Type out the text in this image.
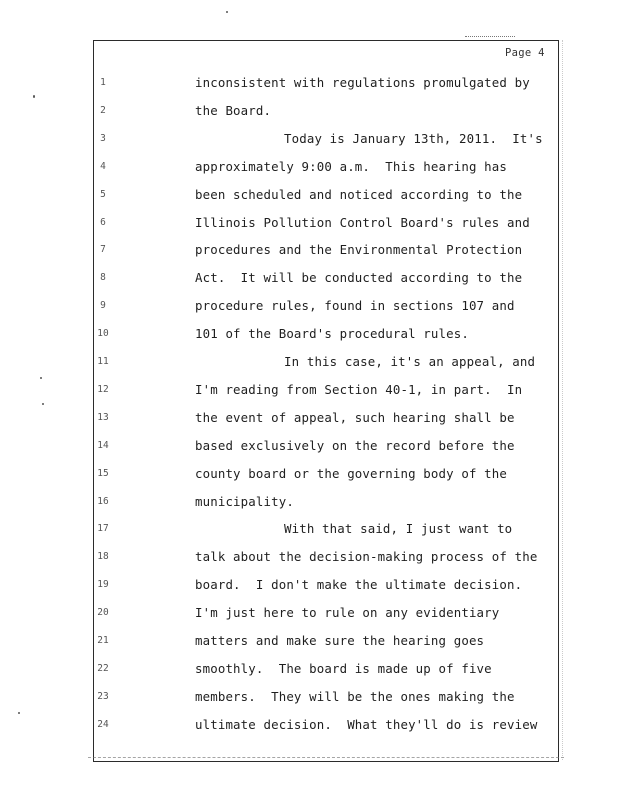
Page 4
1	inconsistent with regulations promulgated by
2	the Board.
3	Today is January 13th, 2011.  It's
4	approximately 9:00 a.m.  This hearing has
5	been scheduled and noticed according to the
6	Illinois Pollution Control Board's rules and
7	procedures and the Environmental Protection
8	Act.  It will be conducted according to the
9	procedure rules, found in sections 107 and
10	101 of the Board's procedural rules.
11	In this case, it's an appeal, and
12	I'm reading from Section 40-1, in part.  In
13	the event of appeal, such hearing shall be
14	based exclusively on the record before the
15	county board or the governing body of the
16	municipality.
17	With that said, I just want to
18	talk about the decision-making process of the
19	board.  I don't make the ultimate decision.
20	I'm just here to rule on any evidentiary
21	matters and make sure the hearing goes
22	smoothly.  The board is made up of five
23	members.  They will be the ones making the
24	ultimate decision.  What they'll do is review
